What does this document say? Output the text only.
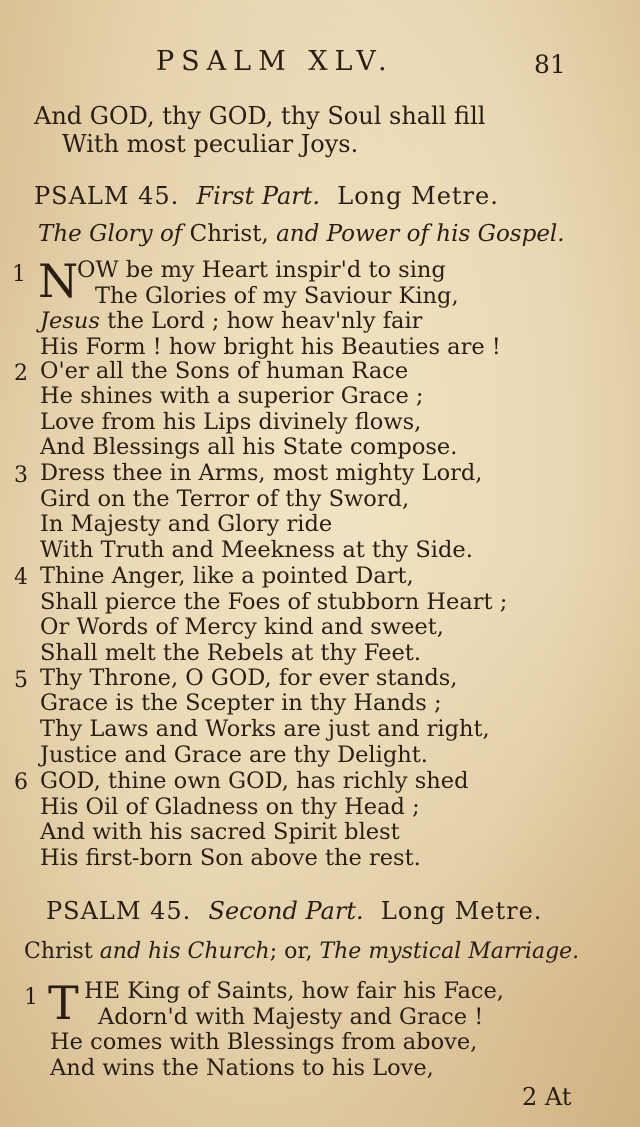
PSALM XLV.	81
And GOD, thy GOD, thy Soul shall fill
With most peculiar Joys.
PSALM 45. First Part. Long Metre.
The Glory of Christ, and Power of his Gospel.
1 N
OW be my Heart inspir'd to sing
The Glories of my Saviour King,
Jesus the Lord ; how heav'nly fair
His Form ! how bright his Beauties are !
2 O'er all the Sons of human Race
He shines with a superior Grace ;
Love from his Lips divinely flows,
And Blessings all his State compose.
3 Dress thee in Arms, most mighty Lord,
Gird on the Terror of thy Sword,
In Majesty and Glory ride
With Truth and Meekness at thy Side.
4 Thine Anger, like a pointed Dart,
Shall pierce the Foes of stubborn Heart ;
Or Words of Mercy kind and sweet,
Shall melt the Rebels at thy Feet.
5 Thy Throne, O GOD, for ever stands,
Grace is the Scepter in thy Hands ;
Thy Laws and Works are just and right,
Justice and Grace are thy Delight.
6 GOD, thine own GOD, has richly shed
His Oil of Gladness on thy Head ;
And with his sacred Spirit blest
His first-born Son above the rest.
PSALM 45. Second Part. Long Metre.
Christ and his Church; or, The mystical Marriage.
1 T HE King of Saints, how fair his Face,
Adorn'd with Majesty and Grace !
He comes with Blessings from above,
And wins the Nations to his Love,
2 At
